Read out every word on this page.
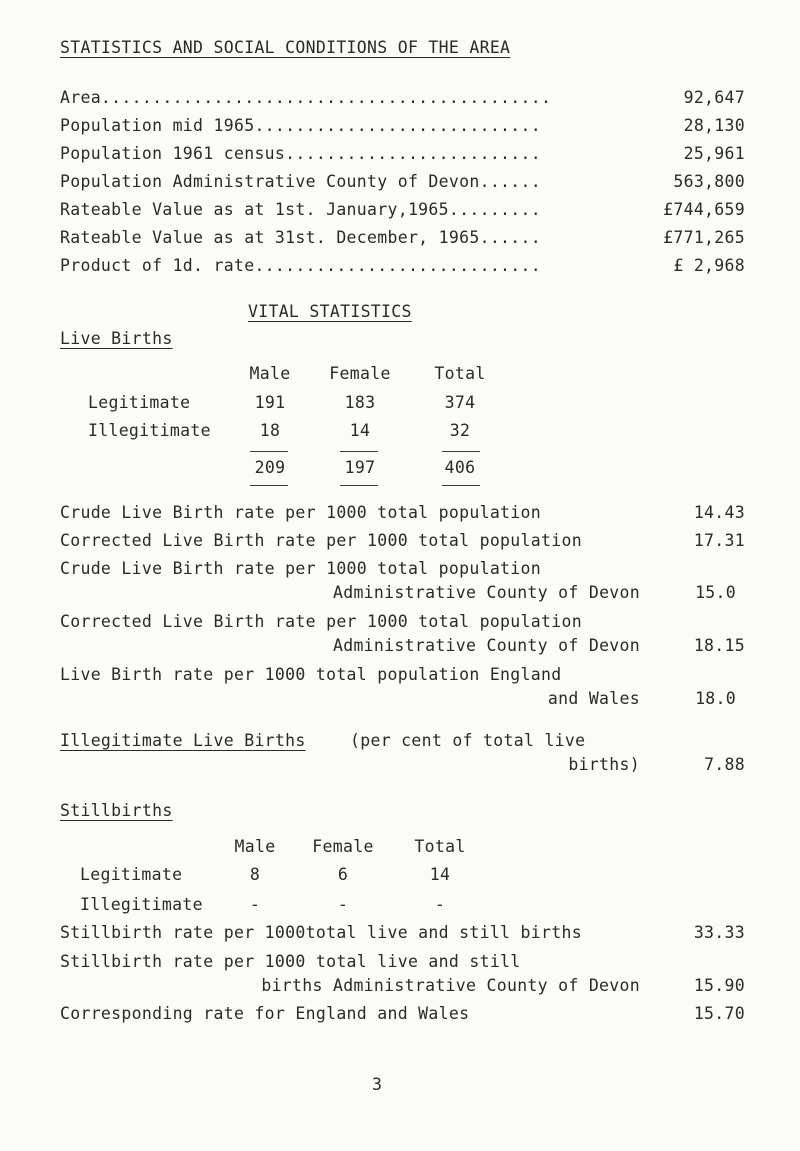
STATISTICS AND SOCIAL CONDITIONS OF THE AREA
Area............................................	92,647
Population mid 1965............................	28,130
Population 1961 census.........................	25,961
Population Administrative County of Devon......	563,800
Rateable Value as at 1st. January,1965.........	£744,659
Rateable Value as at 31st. December, 1965......	£771,265
Product of 1d. rate............................	£ 2,968
VITAL STATISTICS
Live Births
Male	Female	Total
Legitimate	191	183	374
Illegitimate	18	14	32
209	197	406
Crude Live Birth rate per 1000 total population	14.43
Corrected Live Birth rate per 1000 total population	17.31
Crude Live Birth rate per 1000 total population
Administrative County of Devon	15.0
Corrected Live Birth rate per 1000 total population
Administrative County of Devon	18.15
Live Birth rate per 1000 total population England
and Wales	18.0
Illegitimate Live Births	(per cent of total live
births)	7.88
Stillbirths
Male	Female	Total
Legitimate	8	6	14
Illegitimate	-	-	-
Stillbirth rate per 1000total live and still births	33.33
Stillbirth rate per 1000 total live and still
births Administrative County of Devon	15.90
Corresponding rate for England and Wales	15.70
3
